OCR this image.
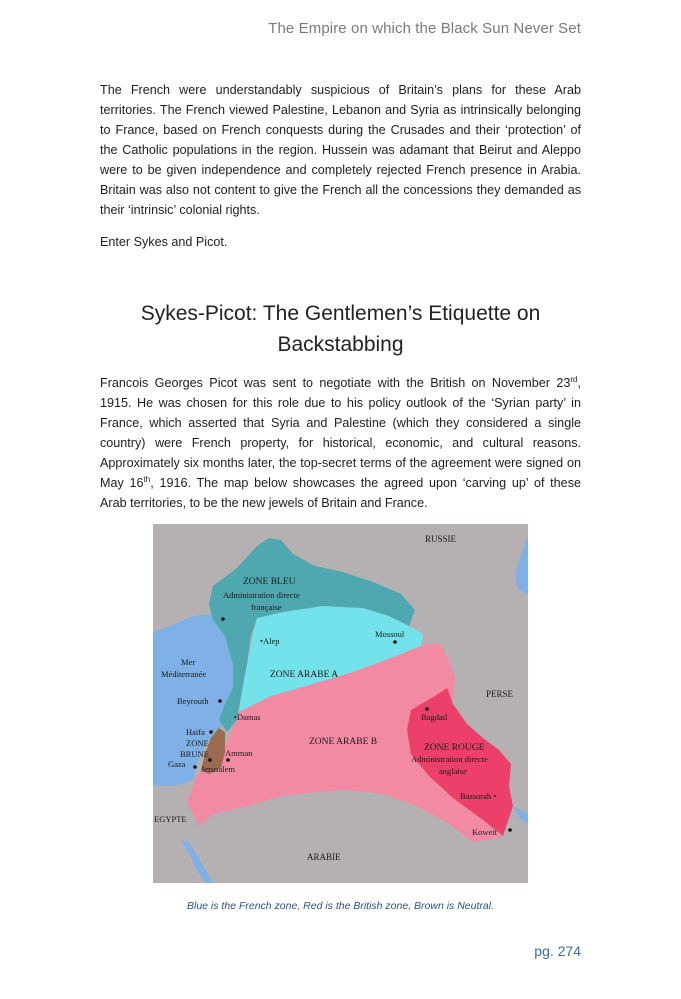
The Empire on which the Black Sun Never Set

The French were understandably suspicious of Britain’s plans for these Arab territories. The French viewed Palestine, Lebanon and Syria as intrinsically belonging to France, based on French conquests during the Crusades and their ‘protection’ of the Catholic populations in the region. Hussein was adamant that Beirut and Aleppo were to be given independence and completely rejected French presence in Arabia. Britain was also not content to give the French all the concessions they demanded as their ‘intrinsic’ colonial rights.

Enter Sykes and Picot.

Sykes-Picot: The Gentlemen’s Etiquette on
Backstabbing

Francois Georges Picot was sent to negotiate with the British on November 23rd, 1915. He was chosen for this role due to his policy outlook of the ‘Syrian party’ in France, which asserted that Syria and Palestine (which they considered a single country) were French property, for historical, economic, and cultural reasons. Approximately six months later, the top-secret terms of the agreement were signed on May 16th, 1916. The map below showcases the agreed upon ‘carving up’ of these Arab territories, to be the new jewels of Britain and France.

RUSSIE
ZONE BLEU
Administration directe
française
•Alep
Mossoul
Mer
Méditerranée	ZONE ARABE A
PERSE
Beyrouth
•Damas	Bagdad
Haifa
ZONE
BRUNE Amman
Gaza Jerusalem
ZONE ARABE B
ZONE ROUGE
Administration directe
anglaise
Bassorah •
EGYPTE
Koweit
ARABIE
Blue is the French zone, Red is the British zone, Brown is Neutral.
pg. 274
